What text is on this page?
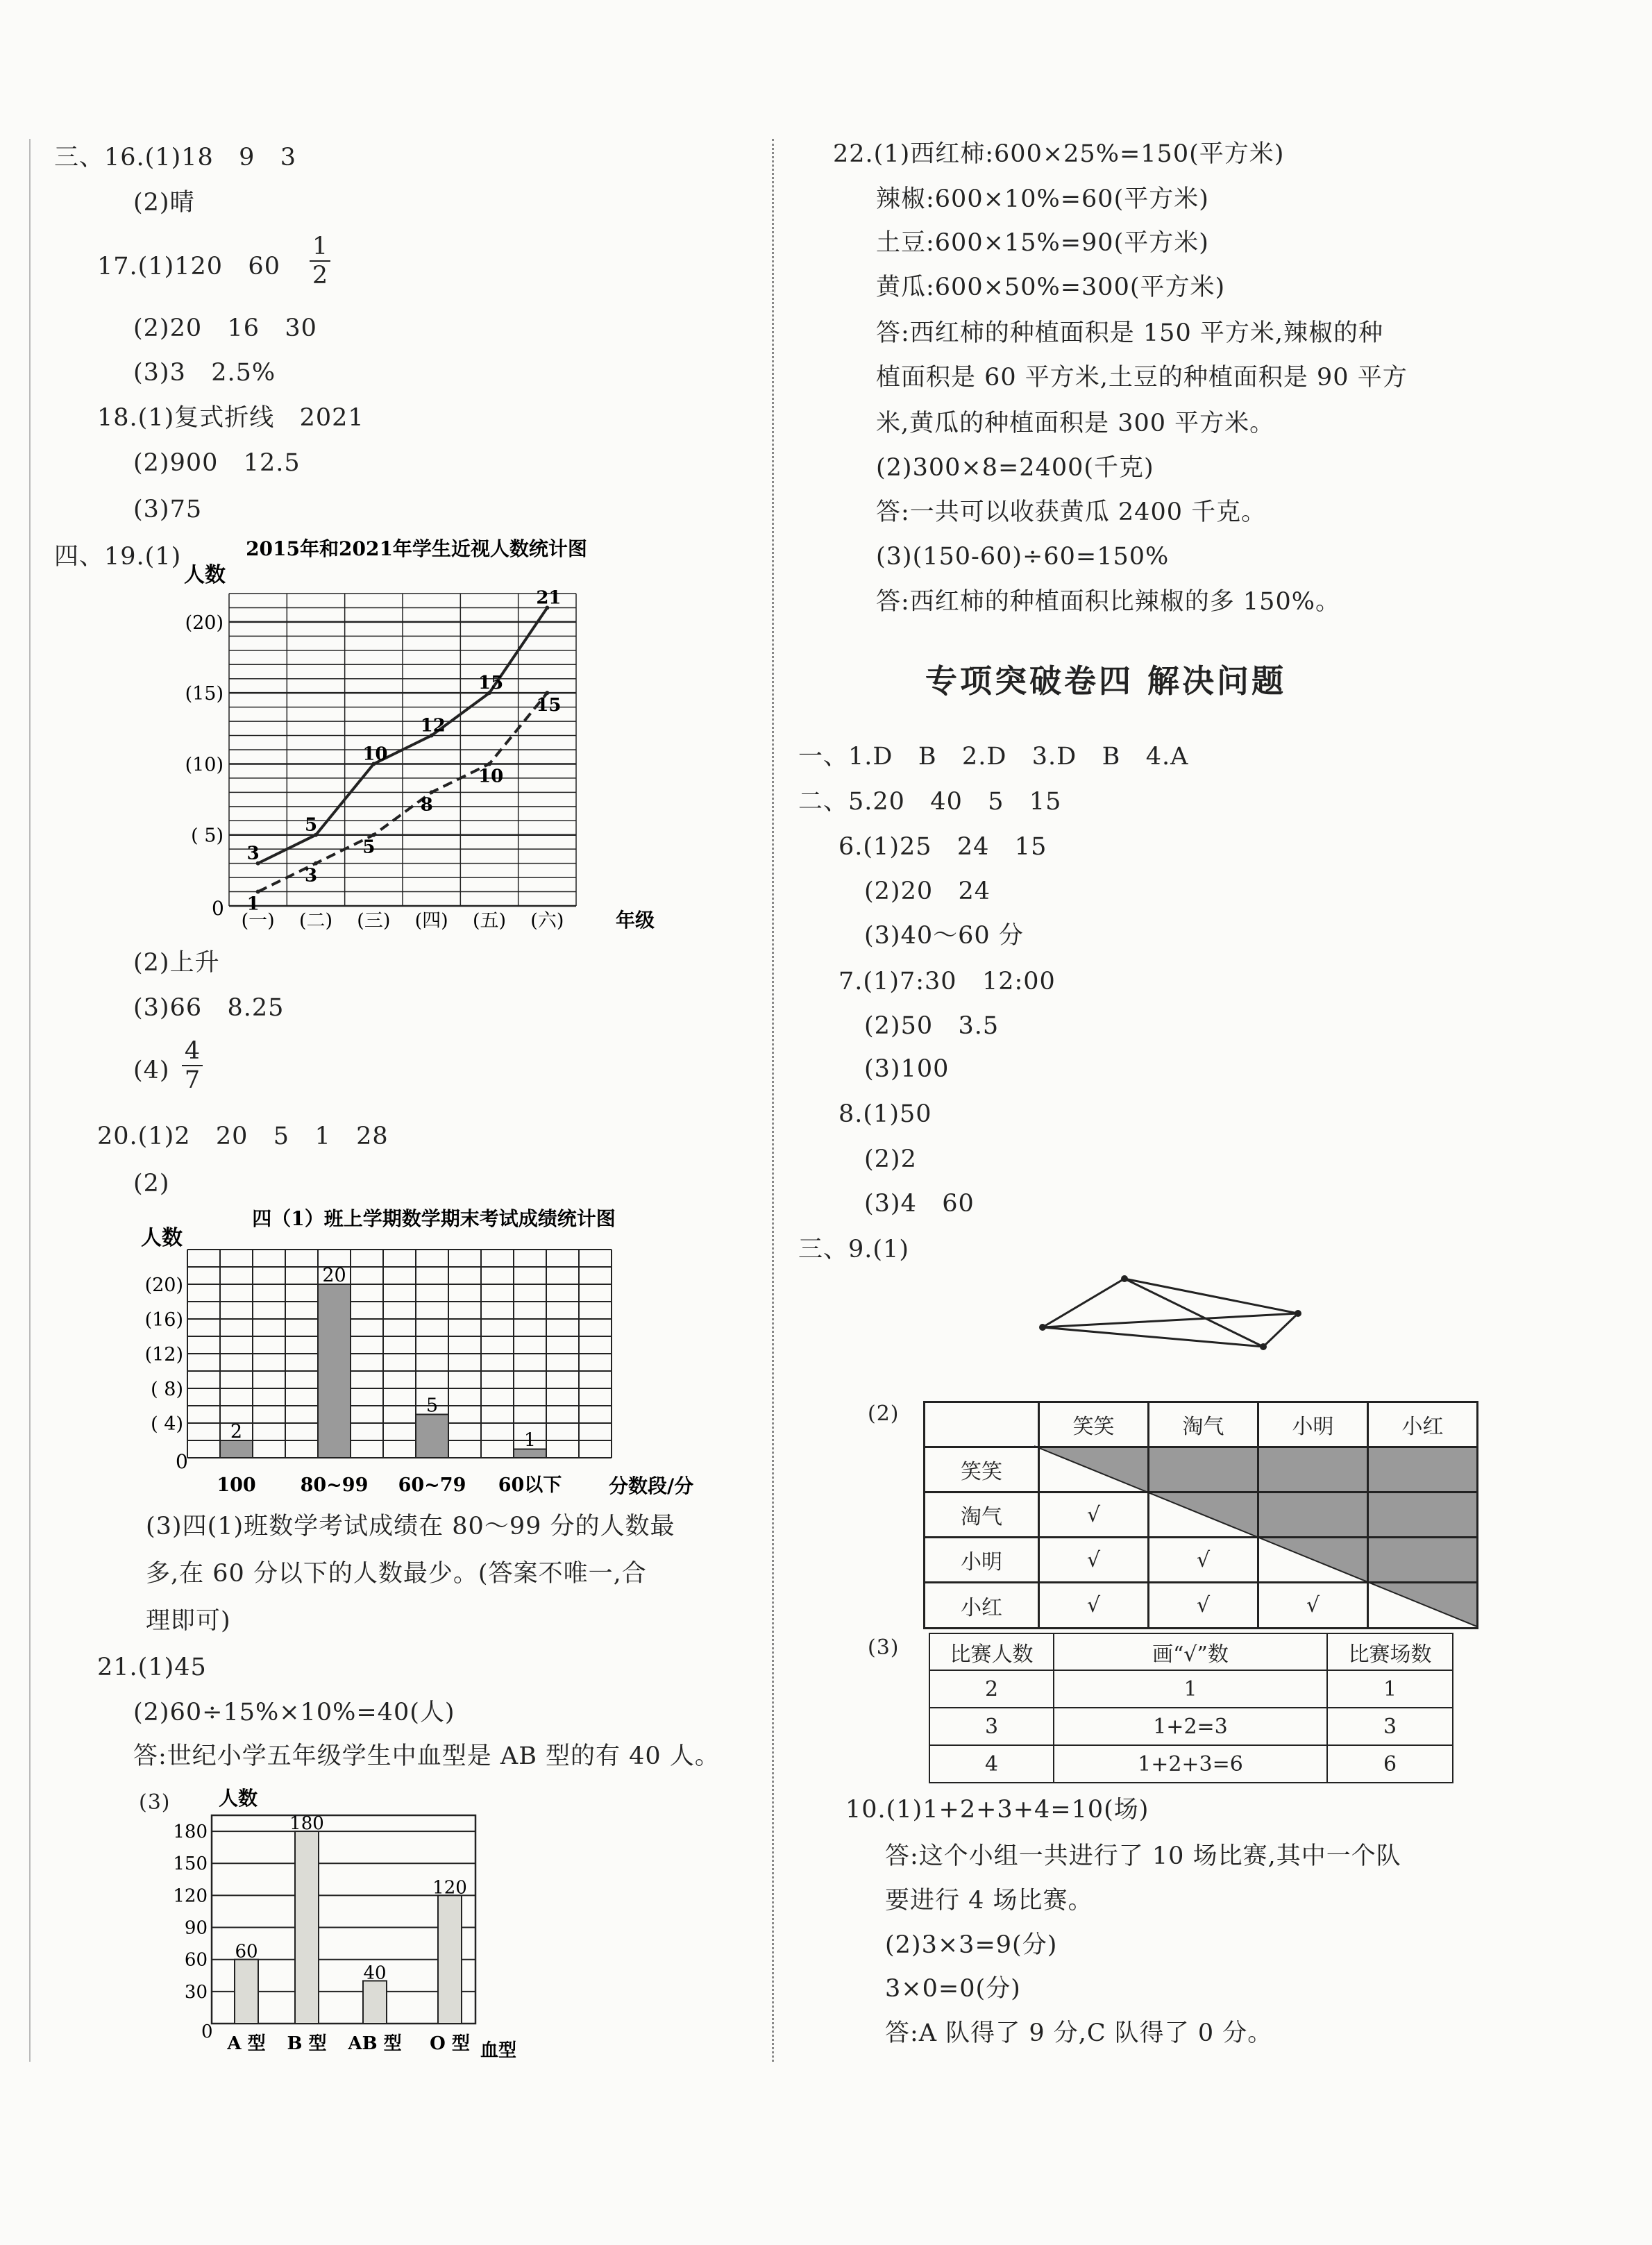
三、16.(1)18   9   3
(2)晴
17.(1)120   60
1
2
(2)20   16   30
(3)3   2.5%
18.(1)复式折线   2021
(2)900   12.5
(3)75
四、19.(1)	2015年和2021年学生近视人数统计图
人数
年级
0
(20)
(15)
(10)
( 5)
(一) (二) (三) (四) (五) (六)
3
5
10
12
15
21
1
3
5
8
10
15
(2)上升
(3)66   8.25
(4)
4
7
20.(1)2   20   5   1   28
(2)
四（1）班上学期数学期末考试成绩统计图
人数
分数段/分
0
(20)
(16)
(12)
( 8)
( 4)	2
20
5
1
100 80~99 60~79 60以下
(3)四(1)班数学考试成绩在 80～99 分的人数最
多,在 60 分以下的人数最少。(答案不唯一,合
理即可)
21.(1)45
(2)60÷15%×10%=40(人)
答:世纪小学五年级学生中血型是 AB 型的有 40 人。
(3) 人数
血型
0
180
150
120
90
60
30
60
180
40
120
A 型 B 型 AB 型 O 型
22.(1)西红柿:600×25%=150(平方米)
辣椒:600×10%=60(平方米)
土豆:600×15%=90(平方米)
黄瓜:600×50%=300(平方米)
答:西红柿的种植面积是 150 平方米,辣椒的种
植面积是 60 平方米,土豆的种植面积是 90 平方
米,黄瓜的种植面积是 300 平方米。
(2)300×8=2400(千克)
答:一共可以收获黄瓜 2400 千克。
(3)(150-60)÷60=150%
答:西红柿的种植面积比辣椒的多 150%。
专项突破卷四 解决问题
一、1.D   B   2.D   3.D   B   4.A
二、5.20   40   5   15
6.(1)25   24   15
(2)20   24
(3)40～60 分
7.(1)7:30   12:00
(2)50   3.5
(3)100
8.(1)50
(2)2
(3)4   60
三、9.(1)
(2)
	笑笑	淘气	小明	小红
笑笑				
淘气	√			
小明	√	√		
小红	√	√	√	
(3) 比赛人数	画“√”数	比赛场数
2	1	1
3	1+2=3	3
4	1+2+3=6	6
10.(1)1+2+3+4=10(场)
答:这个小组一共进行了 10 场比赛,其中一个队
要进行 4 场比赛。
(2)3×3=9(分)
3×0=0(分)
答:A 队得了 9 分,C 队得了 0 分。
